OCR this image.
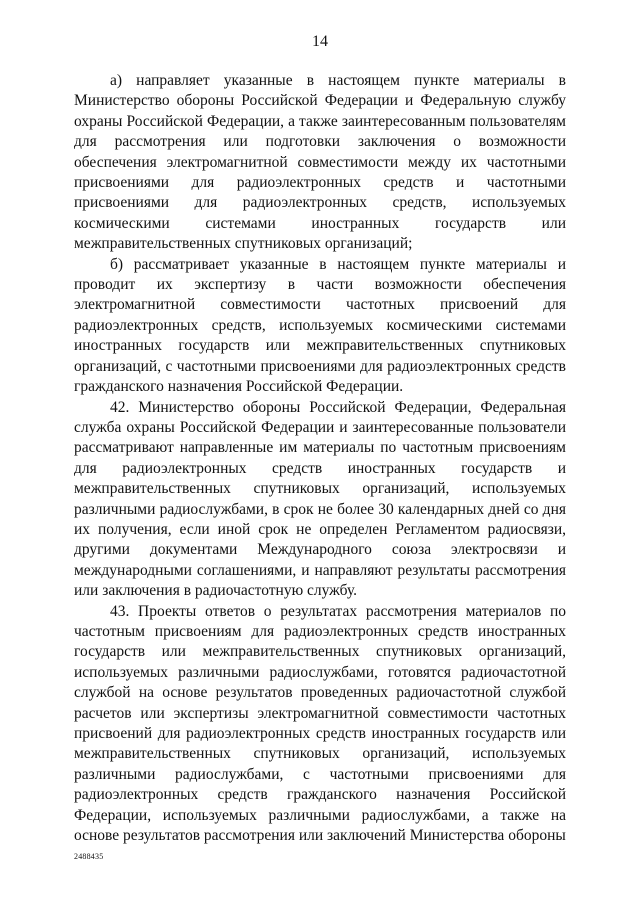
14

а) направляет указанные в настоящем пункте материалы в Министерство обороны Российской Федерации и Федеральную службу охраны Российской Федерации, а также заинтересованным пользователям для рассмотрения или подготовки заключения о возможности обеспечения электромагнитной совместимости между их частотными присвоениями для радиоэлектронных средств и частотными присвоениями для радиоэлектронных средств, используемых космическими системами иностранных государств или межправительственных спутниковых организаций;

б) рассматривает указанные в настоящем пункте материалы и проводит их экспертизу в части возможности обеспечения электромагнитной совместимости частотных присвоений для радиоэлектронных средств, используемых космическими системами иностранных государств или межправительственных спутниковых организаций, с частотными присвоениями для радиоэлектронных средств гражданского назначения Российской Федерации.

42. Министерство обороны Российской Федерации, Федеральная служба охраны Российской Федерации и заинтересованные пользователи рассматривают направленные им материалы по частотным присвоениям для радиоэлектронных средств иностранных государств и межправительственных спутниковых организаций, используемых различными радиослужбами, в срок не более 30 календарных дней со дня их получения, если иной срок не определен Регламентом радиосвязи, другими документами Международного союза электросвязи и международными соглашениями, и направляют результаты рассмотрения или заключения в радиочастотную службу.

43. Проекты ответов о результатах рассмотрения материалов по частотным присвоениям для радиоэлектронных средств иностранных государств или межправительственных спутниковых организаций, используемых различными радиослужбами, готовятся радиочастотной службой на основе результатов проведенных радиочастотной службой расчетов или экспертизы электромагнитной совместимости частотных присвоений для радиоэлектронных средств иностранных государств или межправительственных спутниковых организаций, используемых различными радиослужбами, с частотными присвоениями для радиоэлектронных средств гражданского назначения Российской Федерации, используемых различными радиослужбами, а также на основе результатов рассмотрения или заключений Министерства обороны

2488435
